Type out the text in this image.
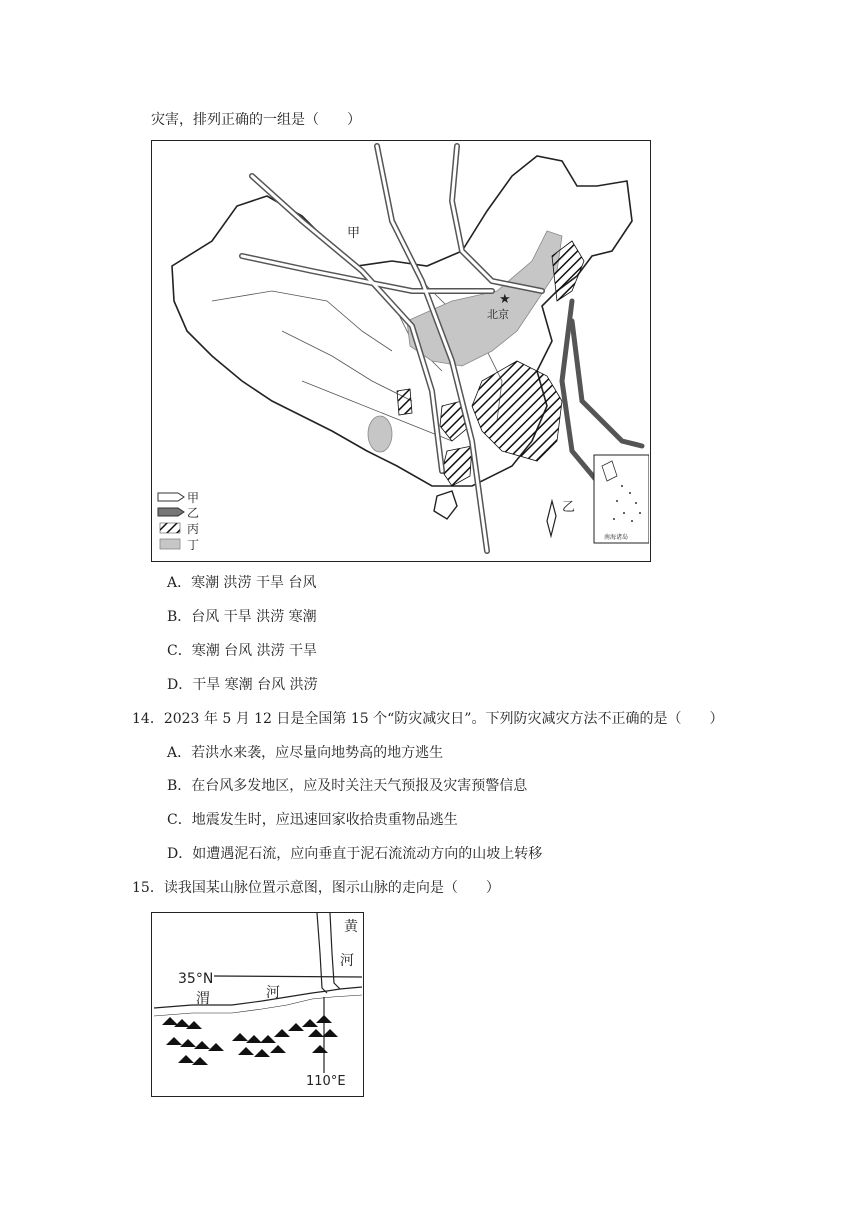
灾害，排列正确的一组是（　　）
★
北京
甲
乙
南海诸岛
甲
乙
丙
丁
A．寒潮 洪涝 干旱 台风
B．台风 干旱 洪涝 寒潮
C．寒潮 台风 洪涝 干旱
D．干旱 寒潮 台风 洪涝
14．2023 年 5 月 12 日是全国第 15 个“防灾减灾日”。下列防灾减灾方法不正确的是（　　）
A．若洪水来袭，应尽量向地势高的地方逃生
B．在台风多发地区，应及时关注天气预报及灾害预警信息
C．地震发生时，应迅速回家收拾贵重物品逃生
D．如遭遇泥石流，应向垂直于泥石流流动方向的山坡上转移
15．读我国某山脉位置示意图，图示山脉的走向是（　　）
黄
河
35°N
渭	河
110°E
